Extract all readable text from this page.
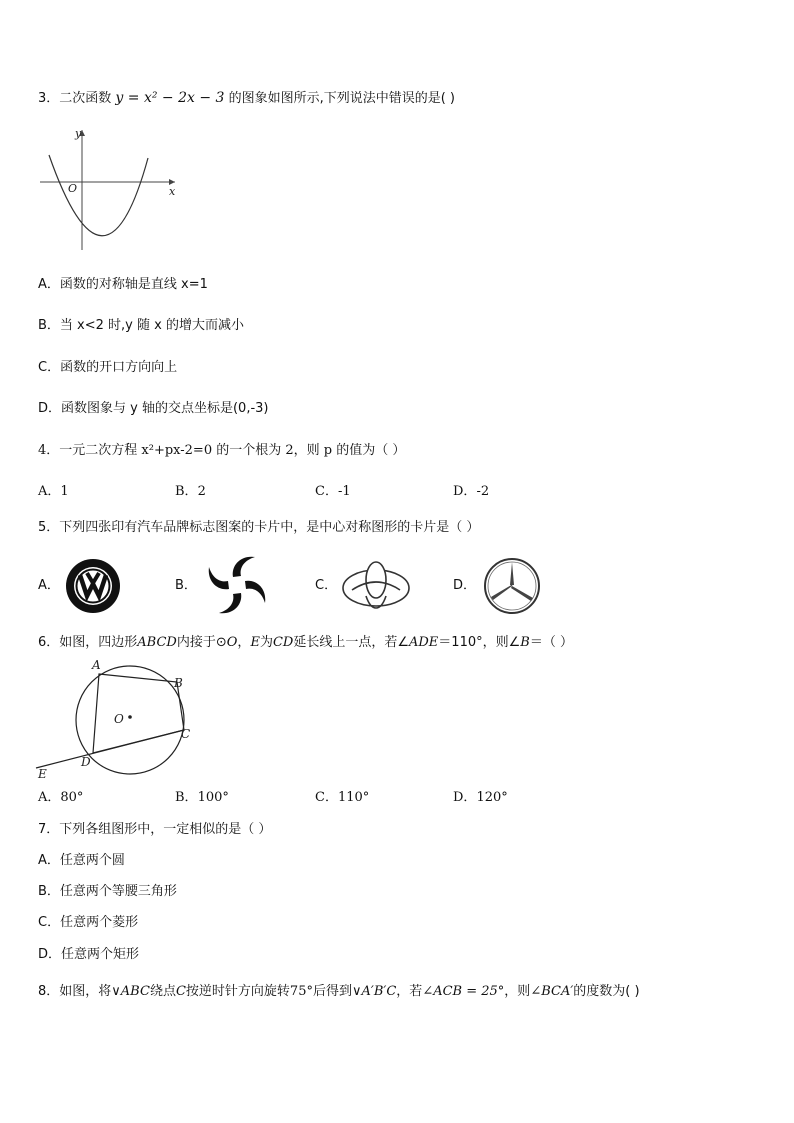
3．二次函数 y = x² − 2x − 3 的图象如图所示,下列说法中错误的是( )
y
O	x
A．函数的对称轴是直线 x=1
B．当 x<2 时,y 随 x 的增大而减小
C．函数的开口方向向上
D．函数图象与 y 轴的交点坐标是(0,-3)
4．一元二次方程 x²+px-2=0 的一个根为 2，则 p 的值为（ ）
A．1	B．2	C．-1	D．-2
5．下列四张印有汽车品牌标志图案的卡片中，是中心对称图形的卡片是（ ）
A．	B．	C．	D．
6．如图，四边形ABCD内接于⊙O，E为CD延长线上一点，若∠ADE＝110°，则∠B＝（ ）
A
B
C
D
E
O
A．80°	B．100°	C．110°	D．120°
7．下列各组图形中，一定相似的是（ ）
A．任意两个圆
B．任意两个等腰三角形
C．任意两个菱形
D．任意两个矩形
8．如图，将∨ABC绕点C按逆时针方向旋转75°后得到∨A′B′C，若∠ACB = 25°，则∠BCA′的度数为( )
